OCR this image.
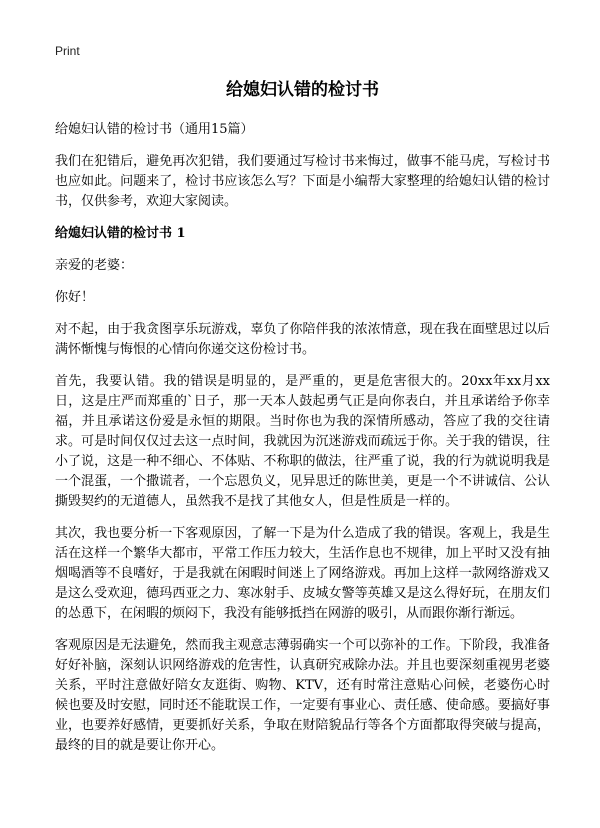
Print
给媳妇认错的检讨书

给媳妇认错的检讨书（通用15篇）

我们在犯错后，避免再次犯错，我们要通过写检讨书来悔过，做事不能马虎，写检讨书也应如此。问题来了，检讨书应该怎么写？下面是小编帮大家整理的给媳妇认错的检讨书，仅供参考，欢迎大家阅读。

给媳妇认错的检讨书 1

亲爱的老婆：

你好！

对不起，由于我贪图享乐玩游戏，辜负了你陪伴我的浓浓情意，现在我在面壁思过以后满怀惭愧与悔恨的心情向你递交这份检讨书。

首先，我要认错。我的错误是明显的，是严重的，更是危害很大的。20xx年xx月xx日，这是庄严而郑重的`日子，那一天本人鼓起勇气正是向你表白，并且承诺给予你幸福，并且承诺这份爱是永恒的期限。当时你也为我的深情所感动，答应了我的交往请求。可是时间仅仅过去这一点时间，我就因为沉迷游戏而疏远于你。关于我的错误，往小了说，这是一种不细心、不体贴、不称职的做法，往严重了说，我的行为就说明我是一个混蛋，一个撒谎者，一个忘恩负义，见异思迁的陈世美，更是一个不讲诚信、公认撕毁契约的无道德人，虽然我不是找了其他女人，但是性质是一样的。

其次，我也要分析一下客观原因，了解一下是为什么造成了我的错误。客观上，我是生活在这样一个繁华大都市，平常工作压力较大，生活作息也不规律，加上平时又没有抽烟喝酒等不良嗜好，于是我就在闲暇时间迷上了网络游戏。再加上这样一款网络游戏又是这么受欢迎，德玛西亚之力、寒冰射手、皮城女警等英雄又是这么得好玩，在朋友们的怂恿下，在闲暇的烦闷下，我没有能够抵挡在网游的吸引，从而跟你渐行渐远。

客观原因是无法避免，然而我主观意志薄弱确实一个可以弥补的工作。下阶段，我准备好好补脑，深刻认识网络游戏的危害性，认真研究戒除办法。并且也要深刻重视男老婆关系，平时注意做好陪女友逛街、购物、KTV，还有时常注意贴心问候，老婆伤心时候也要及时安慰，同时还不能耽误工作，一定要有事业心、责任感、使命感。要搞好事业，也要养好感情，更要抓好关系，争取在财陪貌品行等各个方面都取得突破与提高，最终的目的就是要让你开心。
